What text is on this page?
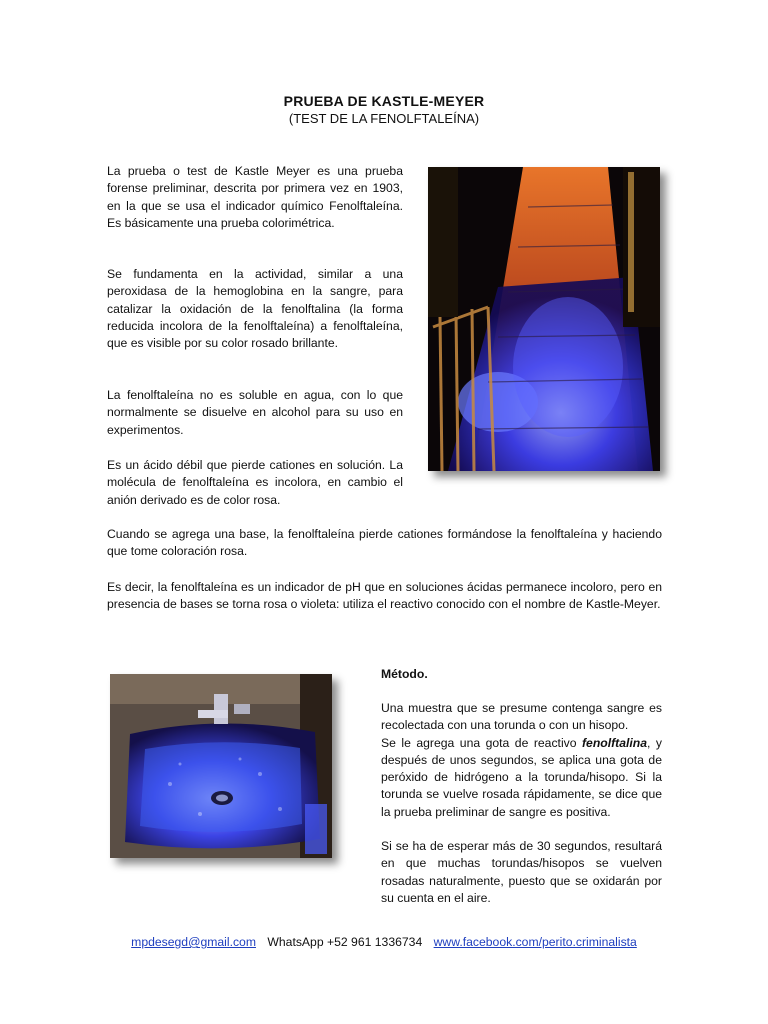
PRUEBA DE KASTLE-MEYER
(TEST DE LA FENOLFTALEÍNA)

La prueba o test de Kastle Meyer es una prueba forense preliminar, descrita por primera vez en 1903, en la que se usa el indicador químico Fenolftaleína. Es básicamente una prueba colorimétrica.

Se fundamenta en la actividad, similar a una peroxidasa de la hemoglobina en la sangre, para catalizar la oxidación de la fenolftalina (la forma reducida incolora de la fenolftaleína) a fenolftaleína, que es visible por su color rosado brillante.

La fenolftaleína no es soluble en agua, con lo que normalmente se disuelve en alcohol para su uso en experimentos.

Es un ácido débil que pierde cationes en solución. La molécula de fenolftaleína es incolora, en cambio el anión derivado es de color rosa.

Cuando se agrega una base, la fenolftaleína pierde cationes formándose la fenolftaleína y haciendo que tome coloración rosa.

Es decir, la fenolftaleína es un indicador de pH que en soluciones ácidas permanece incoloro, pero en presencia de bases se torna rosa o violeta: utiliza el reactivo conocido con el nombre de Kastle-Meyer.

Método.

Una muestra que se presume contenga sangre es recolectada con una torunda o con un hisopo.
Se le agrega una gota de reactivo fenolftalina, y después de unos segundos, se aplica una gota de peróxido de hidrógeno a la torunda/hisopo. Si la torunda se vuelve rosada rápidamente, se dice que la prueba preliminar de sangre es positiva.

Si se ha de esperar más de 30 segundos, resultará en que muchas torundas/hisopos se vuelven rosadas naturalmente, puesto que se oxidarán por su cuenta en el aire.

mpdesegd@gmail.com WhatsApp +52 961 1336734 www.facebook.com/perito.criminalista
